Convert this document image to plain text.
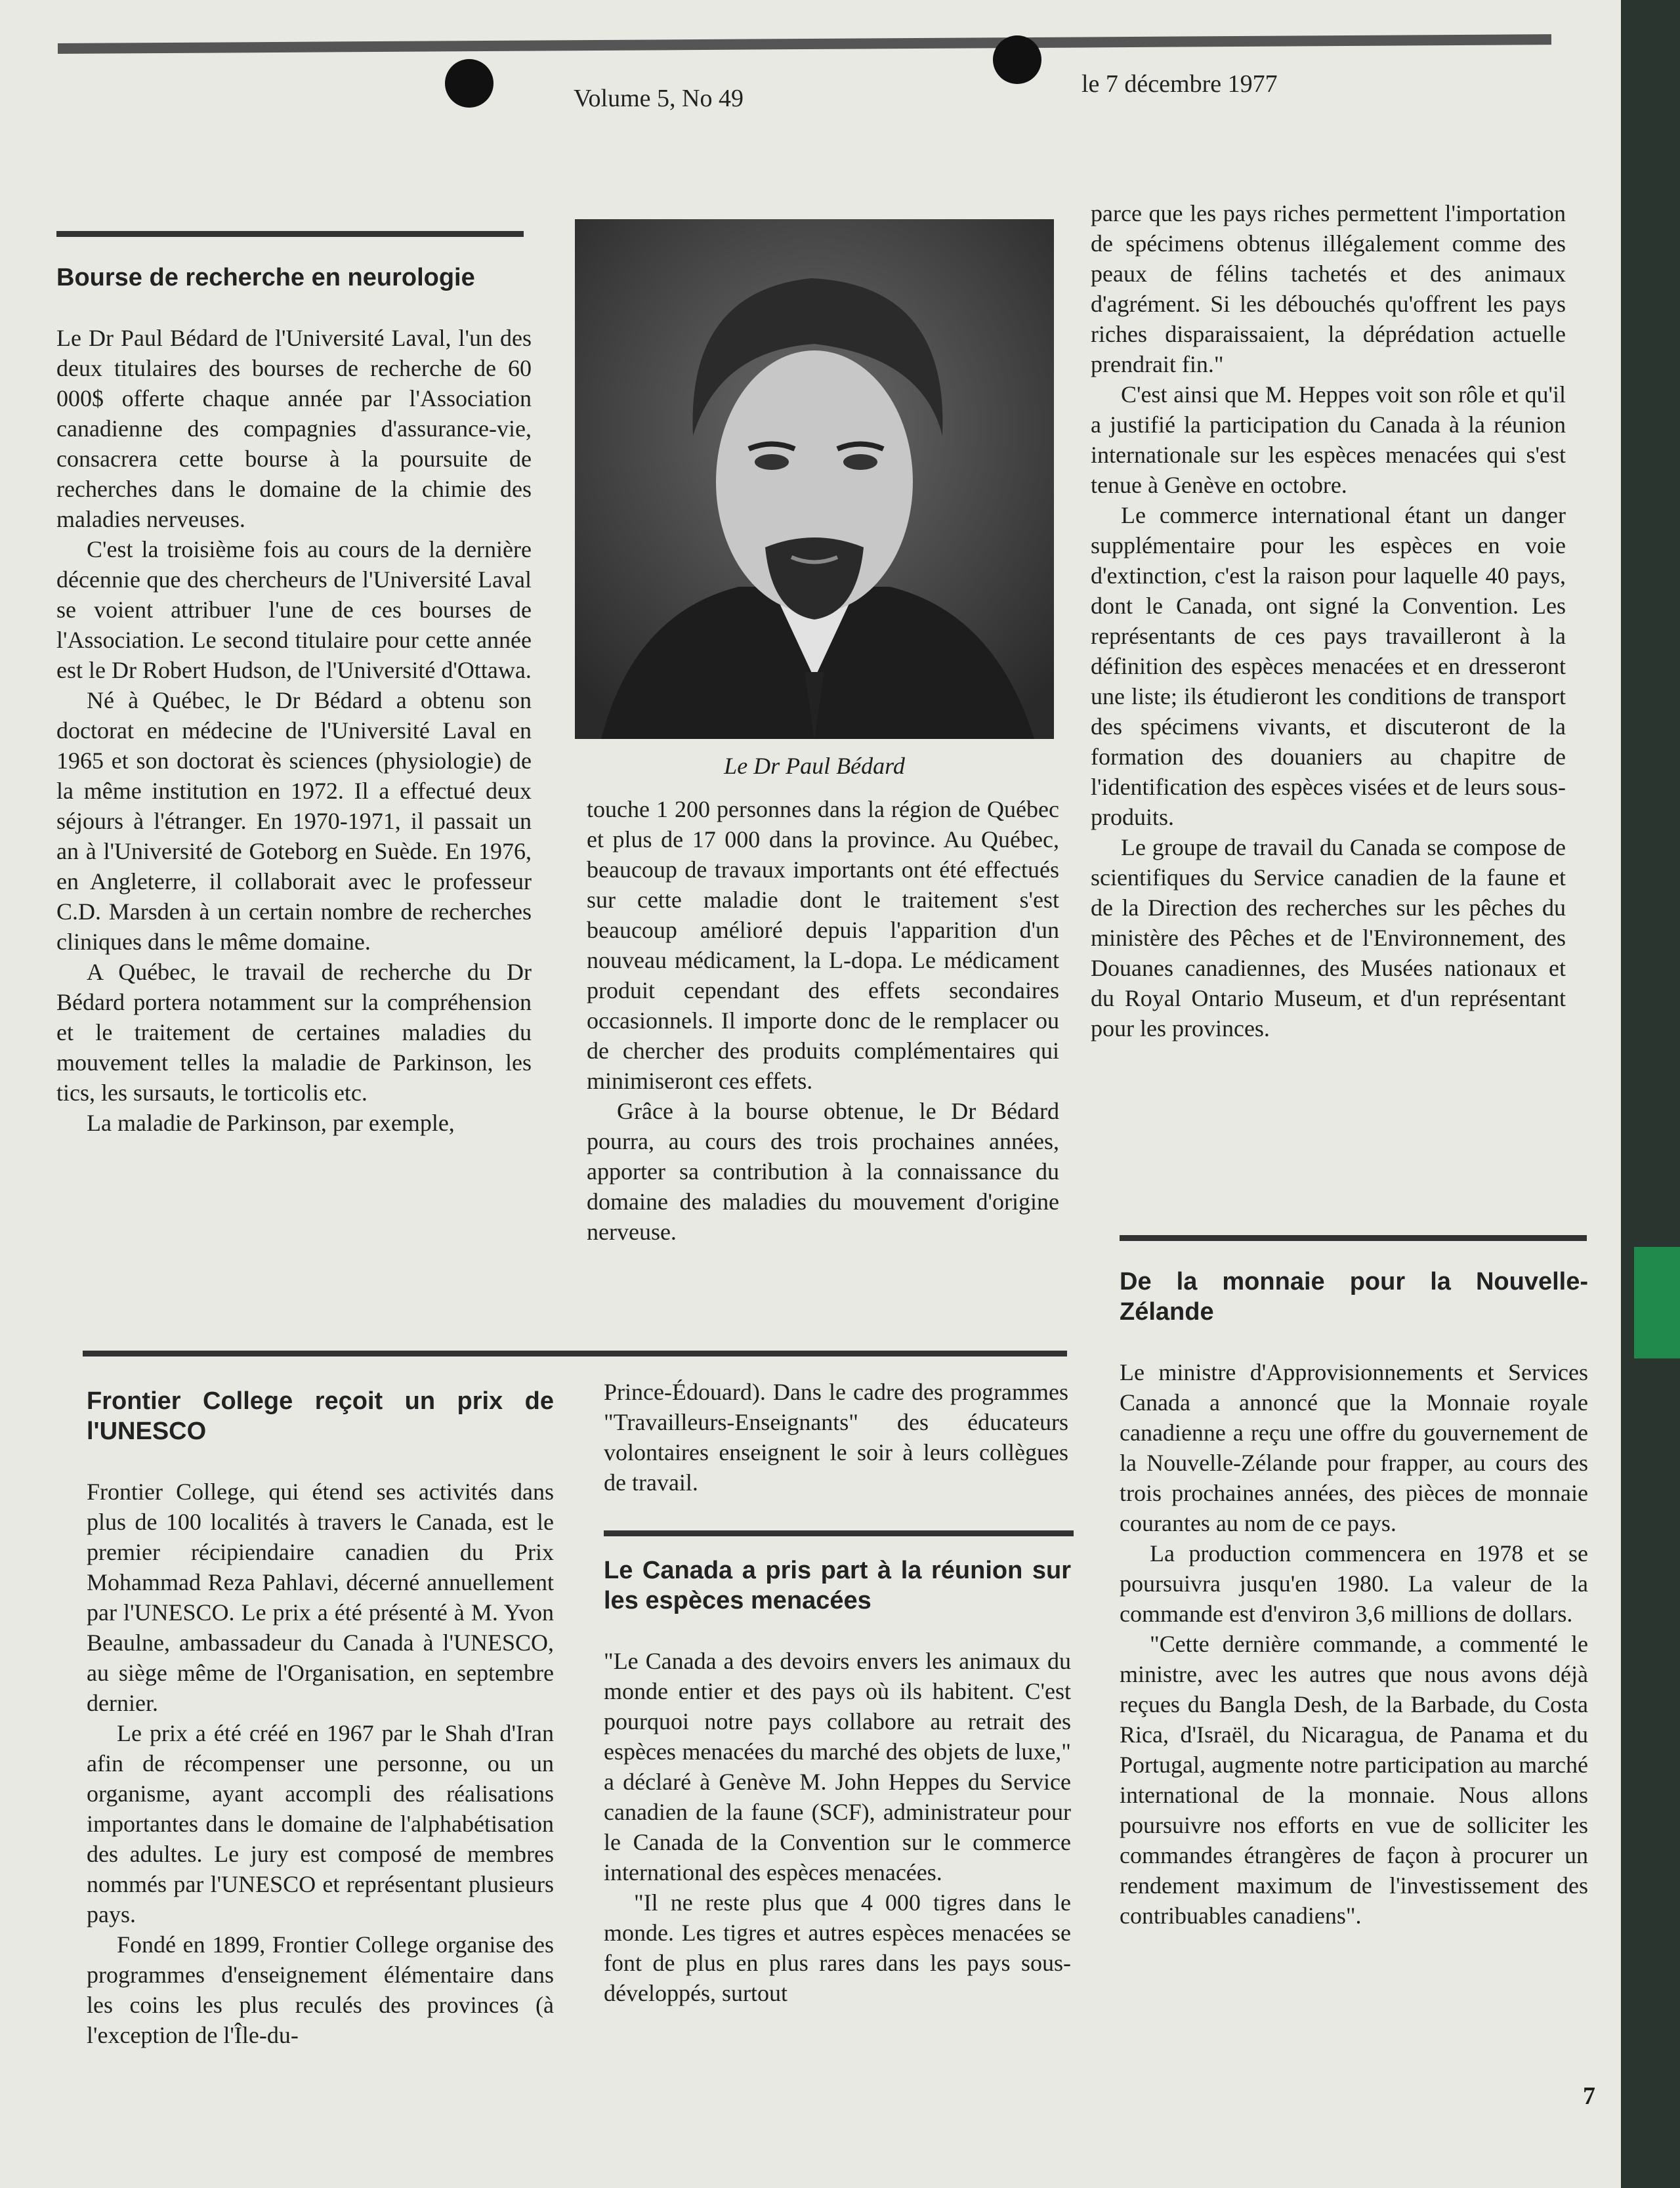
Volume 5, No 49
le 7 décembre 1977
Bourse de recherche en neurologie

Le Dr Paul Bédard de l'Université Laval, l'un des deux titulaires des bourses de recherche de 60 000$ offerte chaque année par l'Association canadienne des compagnies d'assurance-vie, consacrera cette bourse à la poursuite de recherches dans le domaine de la chimie des maladies nerveuses.

C'est la troisième fois au cours de la dernière décennie que des chercheurs de l'Université Laval se voient attribuer l'une de ces bourses de l'Association. Le second titulaire pour cette année est le Dr Robert Hudson, de l'Université d'Ottawa.

Né à Québec, le Dr Bédard a obtenu son doctorat en médecine de l'Université Laval en 1965 et son doctorat ès sciences (physiologie) de la même institution en 1972. Il a effectué deux séjours à l'étranger. En 1970-1971, il passait un an à l'Université de Goteborg en Suède. En 1976, en Angleterre, il collaborait avec le professeur C.D. Marsden à un certain nombre de recherches cliniques dans le même domaine.

A Québec, le travail de recherche du Dr Bédard portera notamment sur la compréhension et le traitement de certaines maladies du mouvement telles la maladie de Parkinson, les tics, les sursauts, le torticolis etc.

La maladie de Parkinson, par exemple,

Le Dr Paul Bédard

touche 1 200 personnes dans la région de Québec et plus de 17 000 dans la province. Au Québec, beaucoup de travaux importants ont été effectués sur cette maladie dont le traitement s'est beaucoup amélioré depuis l'apparition d'un nouveau médicament, la L-dopa. Le médicament produit cependant des effets secondaires occasionnels. Il importe donc de le remplacer ou de chercher des produits complémentaires qui minimiseront ces effets.

Grâce à la bourse obtenue, le Dr Bédard pourra, au cours des trois prochaines années, apporter sa contribution à la connaissance du domaine des maladies du mouvement d'origine nerveuse.

parce que les pays riches permettent l'importation de spécimens obtenus illégalement comme des peaux de félins tachetés et des animaux d'agrément. Si les débouchés qu'offrent les pays riches disparaissaient, la déprédation actuelle prendrait fin."

C'est ainsi que M. Heppes voit son rôle et qu'il a justifié la participation du Canada à la réunion internationale sur les espèces menacées qui s'est tenue à Genève en octobre.

Le commerce international étant un danger supplémentaire pour les espèces en voie d'extinction, c'est la raison pour laquelle 40 pays, dont le Canada, ont signé la Convention. Les représentants de ces pays travailleront à la définition des espèces menacées et en dresseront une liste; ils étudieront les conditions de transport des spécimens vivants, et discuteront de la formation des douaniers au chapitre de l'identification des espèces visées et de leurs sous-produits.

Le groupe de travail du Canada se compose de scientifiques du Service canadien de la faune et de la Direction des recherches sur les pêches du ministère des Pêches et de l'Environnement, des Douanes canadiennes, des Musées nationaux et du Royal Ontario Museum, et d'un représentant pour les provinces.

Frontier College reçoit un prix de l'UNESCO

Frontier College, qui étend ses activités dans plus de 100 localités à travers le Canada, est le premier récipiendaire canadien du Prix Mohammad Reza Pahlavi, décerné annuellement par l'UNESCO. Le prix a été présenté à M. Yvon Beaulne, ambassadeur du Canada à l'UNESCO, au siège même de l'Organisation, en septembre dernier.

Le prix a été créé en 1967 par le Shah d'Iran afin de récompenser une personne, ou un organisme, ayant accompli des réalisations importantes dans le domaine de l'alphabétisation des adultes. Le jury est composé de membres nommés par l'UNESCO et représentant plusieurs pays.

Fondé en 1899, Frontier College organise des programmes d'enseignement élémentaire dans les coins les plus reculés des provinces (à l'exception de l'Île-du-

Prince-Édouard). Dans le cadre des programmes "Travailleurs-Enseignants" des éducateurs volontaires enseignent le soir à leurs collègues de travail.

Le Canada a pris part à la réunion sur les espèces menacées

"Le Canada a des devoirs envers les animaux du monde entier et des pays où ils habitent. C'est pourquoi notre pays collabore au retrait des espèces menacées du marché des objets de luxe," a déclaré à Genève M. John Heppes du Service canadien de la faune (SCF), administrateur pour le Canada de la Convention sur le commerce international des espèces menacées.

"Il ne reste plus que 4 000 tigres dans le monde. Les tigres et autres espèces menacées se font de plus en plus rares dans les pays sous-développés, surtout

De la monnaie pour la Nouvelle-Zélande

Le ministre d'Approvisionnements et Services Canada a annoncé que la Monnaie royale canadienne a reçu une offre du gouvernement de la Nouvelle-Zélande pour frapper, au cours des trois prochaines années, des pièces de monnaie courantes au nom de ce pays.

La production commencera en 1978 et se poursuivra jusqu'en 1980. La valeur de la commande est d'environ 3,6 millions de dollars.

"Cette dernière commande, a commenté le ministre, avec les autres que nous avons déjà reçues du Bangla Desh, de la Barbade, du Costa Rica, d'Israël, du Nicaragua, de Panama et du Portugal, augmente notre participation au marché international de la monnaie. Nous allons poursuivre nos efforts en vue de solliciter les commandes étrangères de façon à procurer un rendement maximum de l'investissement des contribuables canadiens".

7
